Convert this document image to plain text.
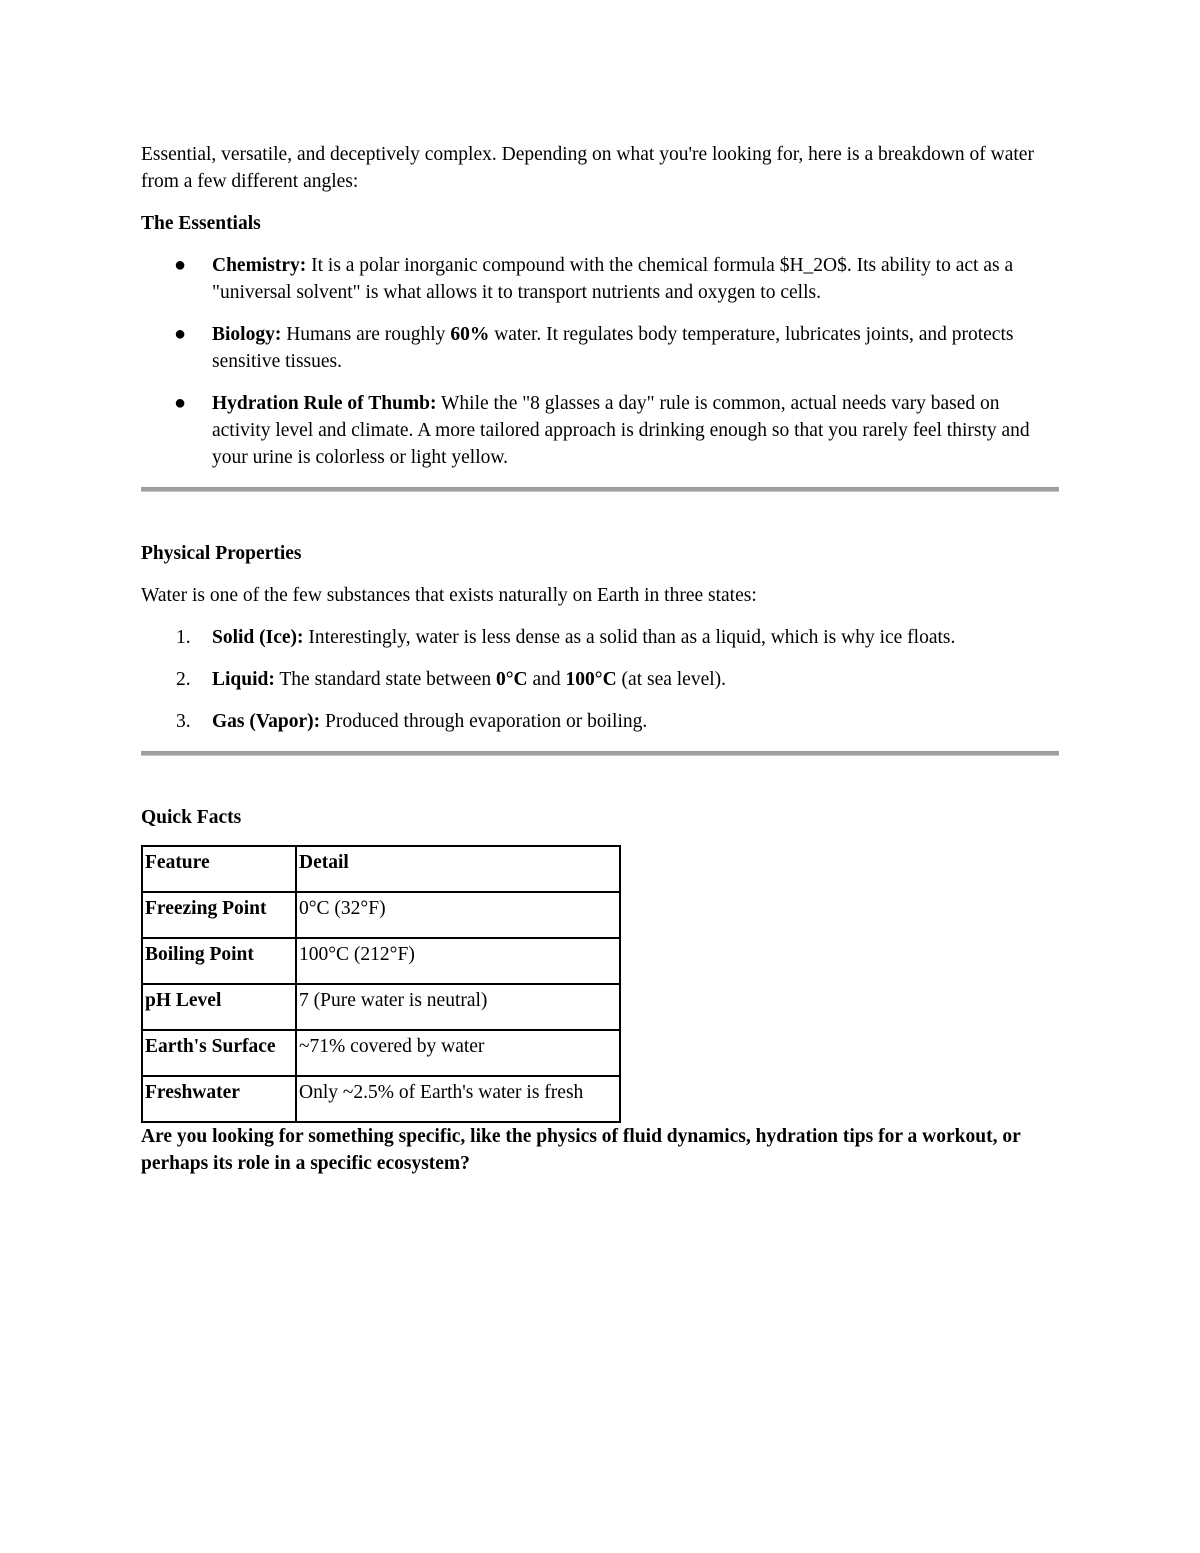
Essential, versatile, and deceptively complex. Depending on what you're looking for, here is a breakdown of water from a few different angles:

The Essentials

● Chemistry: It is a polar inorganic compound with the chemical formula $H_2O$. Its ability to act as a "universal solvent" is what allows it to transport nutrients and oxygen to cells.
● Biology: Humans are roughly 60% water. It regulates body temperature, lubricates joints, and protects sensitive tissues.
● Hydration Rule of Thumb: While the "8 glasses a day" rule is common, actual needs vary based on activity level and climate. A more tailored approach is drinking enough so that you rarely feel thirsty and your urine is colorless or light yellow.

Physical Properties

Water is one of the few substances that exists naturally on Earth in three states:

1. Solid (Ice): Interestingly, water is less dense as a solid than as a liquid, which is why ice floats.
2. Liquid: The standard state between 0°C and 100°C (at sea level).
3. Gas (Vapor): Produced through evaporation or boiling.

Quick Facts

Feature	Detail
Freezing Point	0°C (32°F)
Boiling Point	100°C (212°F)
pH Level	7 (Pure water is neutral)
Earth's Surface	~71% covered by water
Freshwater	Only ~2.5% of Earth's water is fresh

Are you looking for something specific, like the physics of fluid dynamics, hydration tips for a workout, or perhaps its role in a specific ecosystem?
